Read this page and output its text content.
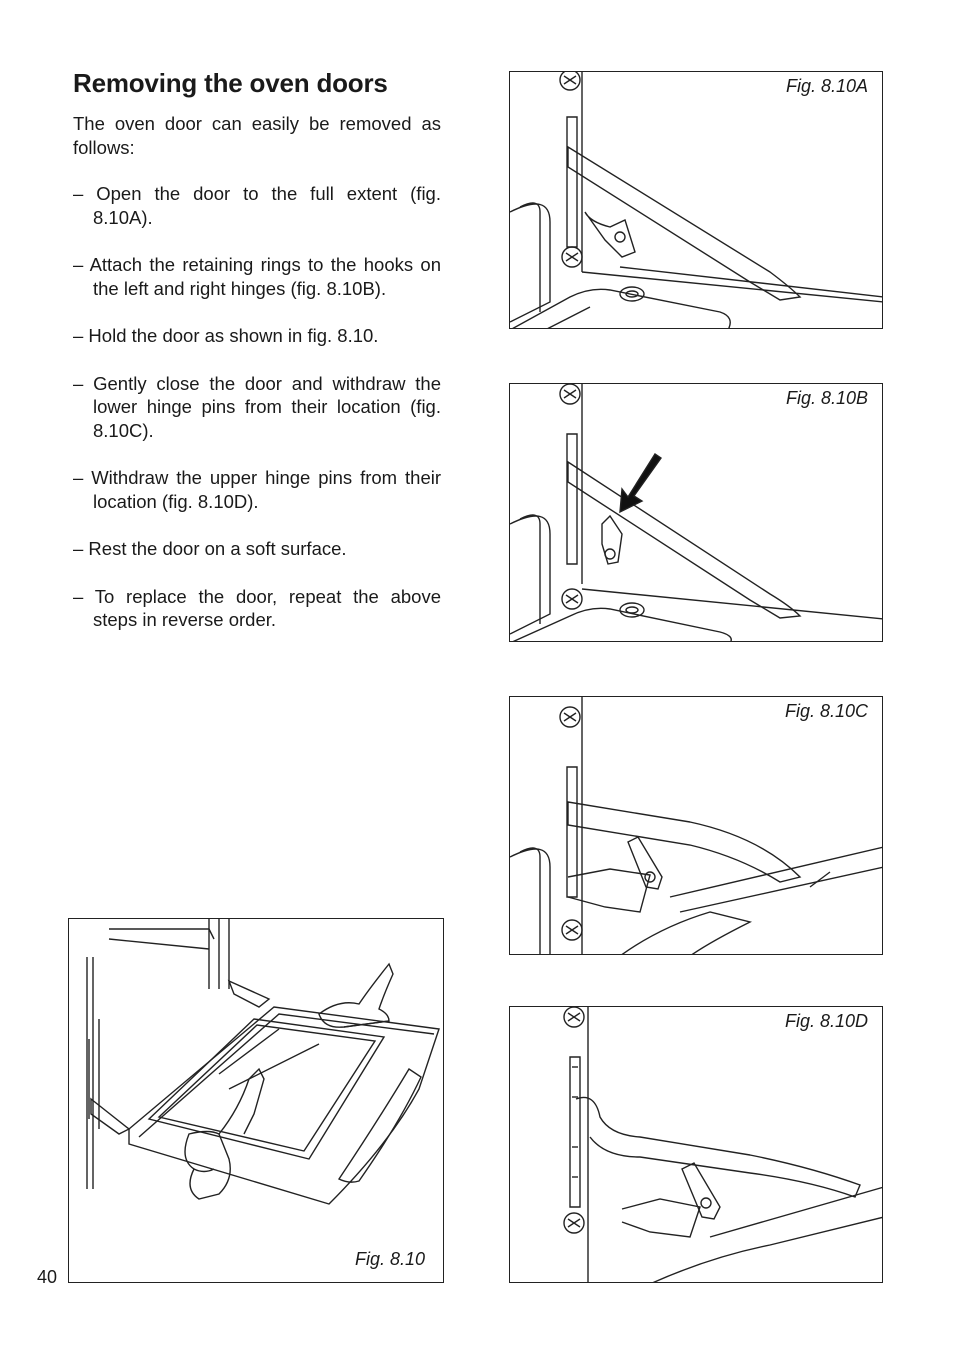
Removing the oven doors

The oven door can easily be removed as follows:

– Open the door to the full extent (fig. 8.10A).
– Attach the retaining rings to the hooks on the left and right hinges (fig. 8.10B).
– Hold the door as shown in fig. 8.10.
– Gently close the door and withdraw the lower hinge pins from their location (fig. 8.10C).
– Withdraw the upper hinge pins from their location (fig. 8.10D).
– Rest the door on a soft surface.
– To replace the door, repeat the above steps in reverse order.
Fig. 8.10A
Fig. 8.10B
Fig. 8.10C
Fig. 8.10D
Fig. 8.10
40
